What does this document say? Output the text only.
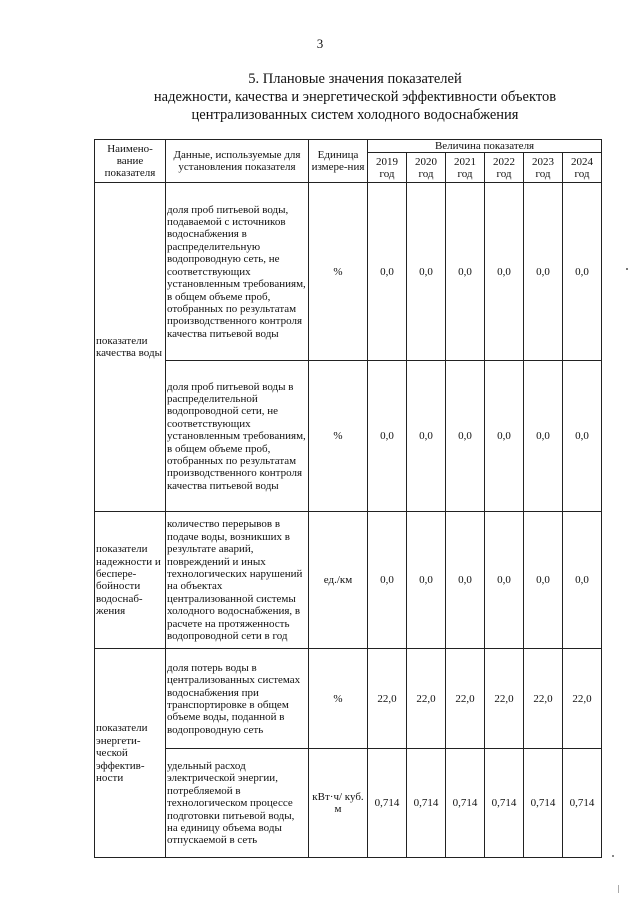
3
5. Плановые значения показателей
надежности, качества и энергетической эффективности объектов
централизованных систем холодного водоснабжения
Наимено-вание показателя	Данные, используемые для установления показателя	Единица измере-ния	Величина показателя					
			2019 год	2020 год	2021 год	2022 год	2023 год	2024 год
показатели качества воды	доля проб питьевой воды, подаваемой с источников водоснабжения в распределительную водопроводную сеть, не соответствующих установленным требованиям, в общем объеме проб, отобранных по результатам производственного контроля качества питьевой воды	%	0,0	0,0	0,0	0,0	0,0	0,0
	доля проб питьевой воды в распределительной водопроводной сети, не соответствующих установленным требованиям, в общем объеме проб, отобранных по результатам производственного контроля качества питьевой воды	%	0,0	0,0	0,0	0,0	0,0	0,0
показатели надежности и беспере-бойности водоснаб-жения	количество перерывов в подаче воды, возникших в результате аварий, повреждений и иных технологических нарушений на объектах централизованной системы холодного водоснабжения, в расчете на протяженность водопроводной сети в год	ед./км	0,0	0,0	0,0	0,0	0,0	0,0
показатели энергети-ческой эффектив-ности	доля потерь воды в централизованных системах водоснабжения при транспортировке в общем объеме воды, поданной в водопроводную сеть	%	22,0	22,0	22,0	22,0	22,0	22,0
	удельный расход электрической энергии, потребляемой в технологическом процессе подготовки питьевой воды, на единицу объема воды отпускаемой в сеть	кВт·ч/ куб. м	0,714	0,714	0,714	0,714	0,714	0,714
